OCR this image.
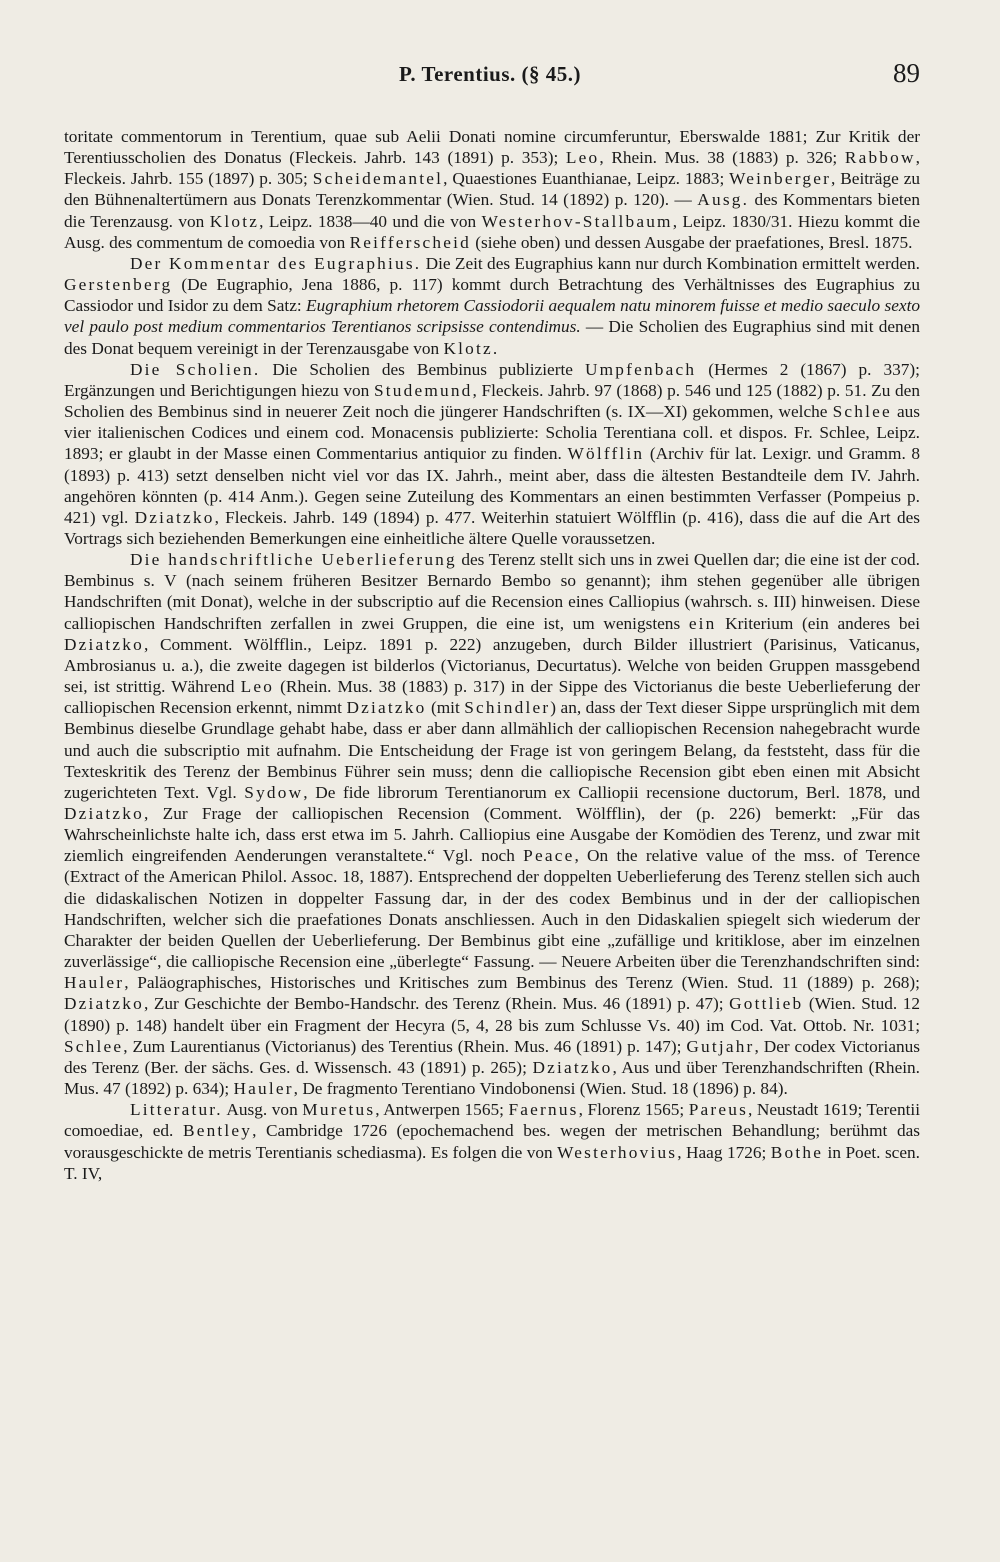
P. Terentius. (§ 45.)	89

toritate commentorum in Terentium, quae sub Aelii Donati nomine circumferuntur, Eberswalde 1881; Zur Kritik der Terentiusscholien des Donatus (Fleckeis. Jahrb. 143 (1891) p. 353); Leo, Rhein. Mus. 38 (1883) p. 326; Rabbow, Fleckeis. Jahrb. 155 (1897) p. 305; Scheidemantel, Quaestiones Euanthianae, Leipz. 1883; Weinberger, Beiträge zu den Bühnenaltertümern aus Donats Terenzkommentar (Wien. Stud. 14 (1892) p. 120). — Ausg. des Kommentars bieten die Terenzausg. von Klotz, Leipz. 1838—40 und die von Westerhov-Stallbaum, Leipz. 1830/31. Hiezu kommt die Ausg. des commentum de comoedia von Reifferscheid (siehe oben) und dessen Ausgabe der praefationes, Bresl. 1875.

Der Kommentar des Eugraphius. Die Zeit des Eugraphius kann nur durch Kombination ermittelt werden. Gerstenberg (De Eugraphio, Jena 1886, p. 117) kommt durch Betrachtung des Verhältnisses des Eugraphius zu Cassiodor und Isidor zu dem Satz: Eugraphium rhetorem Cassiodorii aequalem natu minorem fuisse et medio saeculo sexto vel paulo post medium commentarios Terentianos scripsisse contendimus. — Die Scholien des Eugraphius sind mit denen des Donat bequem vereinigt in der Terenzausgabe von Klotz.

Die Scholien. Die Scholien des Bembinus publizierte Umpfenbach (Hermes 2 (1867) p. 337); Ergänzungen und Berichtigungen hiezu von Studemund, Fleckeis. Jahrb. 97 (1868) p. 546 und 125 (1882) p. 51. Zu den Scholien des Bembinus sind in neuerer Zeit noch die jüngerer Handschriften (s. IX—XI) gekommen, welche Schlee aus vier italienischen Codices und einem cod. Monacensis publizierte: Scholia Terentiana coll. et dispos. Fr. Schlee, Leipz. 1893; er glaubt in der Masse einen Commentarius antiquior zu finden. Wölfflin (Archiv für lat. Lexigr. und Gramm. 8 (1893) p. 413) setzt denselben nicht viel vor das IX. Jahrh., meint aber, dass die ältesten Bestandteile dem IV. Jahrh. angehören könnten (p. 414 Anm.). Gegen seine Zuteilung des Kommentars an einen bestimmten Verfasser (Pompeius p. 421) vgl. Dziatzko, Fleckeis. Jahrb. 149 (1894) p. 477. Weiterhin statuiert Wölfflin (p. 416), dass die auf die Art des Vortrags sich beziehenden Bemerkungen eine einheitliche ältere Quelle voraussetzen.

Die handschriftliche Ueberlieferung des Terenz stellt sich uns in zwei Quellen dar; die eine ist der cod. Bembinus s. V (nach seinem früheren Besitzer Bernardo Bembo so genannt); ihm stehen gegenüber alle übrigen Handschriften (mit Donat), welche in der subscriptio auf die Recension eines Calliopius (wahrsch. s. III) hinweisen. Diese calliopischen Handschriften zerfallen in zwei Gruppen, die eine ist, um wenigstens ein Kriterium (ein anderes bei Dziatzko, Comment. Wölfflin., Leipz. 1891 p. 222) anzugeben, durch Bilder illustriert (Parisinus, Vaticanus, Ambrosianus u. a.), die zweite dagegen ist bilderlos (Victorianus, Decurtatus). Welche von beiden Gruppen massgebend sei, ist strittig. Während Leo (Rhein. Mus. 38 (1883) p. 317) in der Sippe des Victorianus die beste Ueberlieferung der calliopischen Recension erkennt, nimmt Dziatzko (mit Schindler) an, dass der Text dieser Sippe ursprünglich mit dem Bembinus dieselbe Grundlage gehabt habe, dass er aber dann allmählich der calliopischen Recension nahegebracht wurde und auch die subscriptio mit aufnahm. Die Entscheidung der Frage ist von geringem Belang, da feststeht, dass für die Texteskritik des Terenz der Bembinus Führer sein muss; denn die calliopische Recension gibt eben einen mit Absicht zugerichteten Text. Vgl. Sydow, De fide librorum Terentianorum ex Calliopii recensione ductorum, Berl. 1878, und Dziatzko, Zur Frage der calliopischen Recension (Comment. Wölfflin), der (p. 226) bemerkt: „Für das Wahrscheinlichste halte ich, dass erst etwa im 5. Jahrh. Calliopius eine Ausgabe der Komödien des Terenz, und zwar mit ziemlich eingreifenden Aenderungen veranstaltete.“ Vgl. noch Peace, On the relative value of the mss. of Terence (Extract of the American Philol. Assoc. 18, 1887). Entsprechend der doppelten Ueberlieferung des Terenz stellen sich auch die didaskalischen Notizen in doppelter Fassung dar, in der des codex Bembinus und in der der calliopischen Handschriften, welcher sich die praefationes Donats anschliessen. Auch in den Didaskalien spiegelt sich wiederum der Charakter der beiden Quellen der Ueberlieferung. Der Bembinus gibt eine „zufällige und kritiklose, aber im einzelnen zuverlässige“, die calliopische Recension eine „überlegte“ Fassung. — Neuere Arbeiten über die Terenzhandschriften sind: Hauler, Paläographisches, Historisches und Kritisches zum Bembinus des Terenz (Wien. Stud. 11 (1889) p. 268); Dziatzko, Zur Geschichte der Bembo-Handschr. des Terenz (Rhein. Mus. 46 (1891) p. 47); Gottlieb (Wien. Stud. 12 (1890) p. 148) handelt über ein Fragment der Hecyra (5, 4, 28 bis zum Schlusse Vs. 40) im Cod. Vat. Ottob. Nr. 1031; Schlee, Zum Laurentianus (Victorianus) des Terentius (Rhein. Mus. 46 (1891) p. 147); Gutjahr, Der codex Victorianus des Terenz (Ber. der sächs. Ges. d. Wissensch. 43 (1891) p. 265); Dziatzko, Aus und über Terenzhandschriften (Rhein. Mus. 47 (1892) p. 634); Hauler, De fragmento Terentiano Vindobonensi (Wien. Stud. 18 (1896) p. 84).

Litteratur. Ausg. von Muretus, Antwerpen 1565; Faernus, Florenz 1565; Pareus, Neustadt 1619; Terentii comoediae, ed. Bentley, Cambridge 1726 (epochemachend bes. wegen der metrischen Behandlung; berühmt das vorausgeschickte de metris Terentianis schediasma). Es folgen die von Westerhovius, Haag 1726; Bothe in Poet. scen. T. IV,
